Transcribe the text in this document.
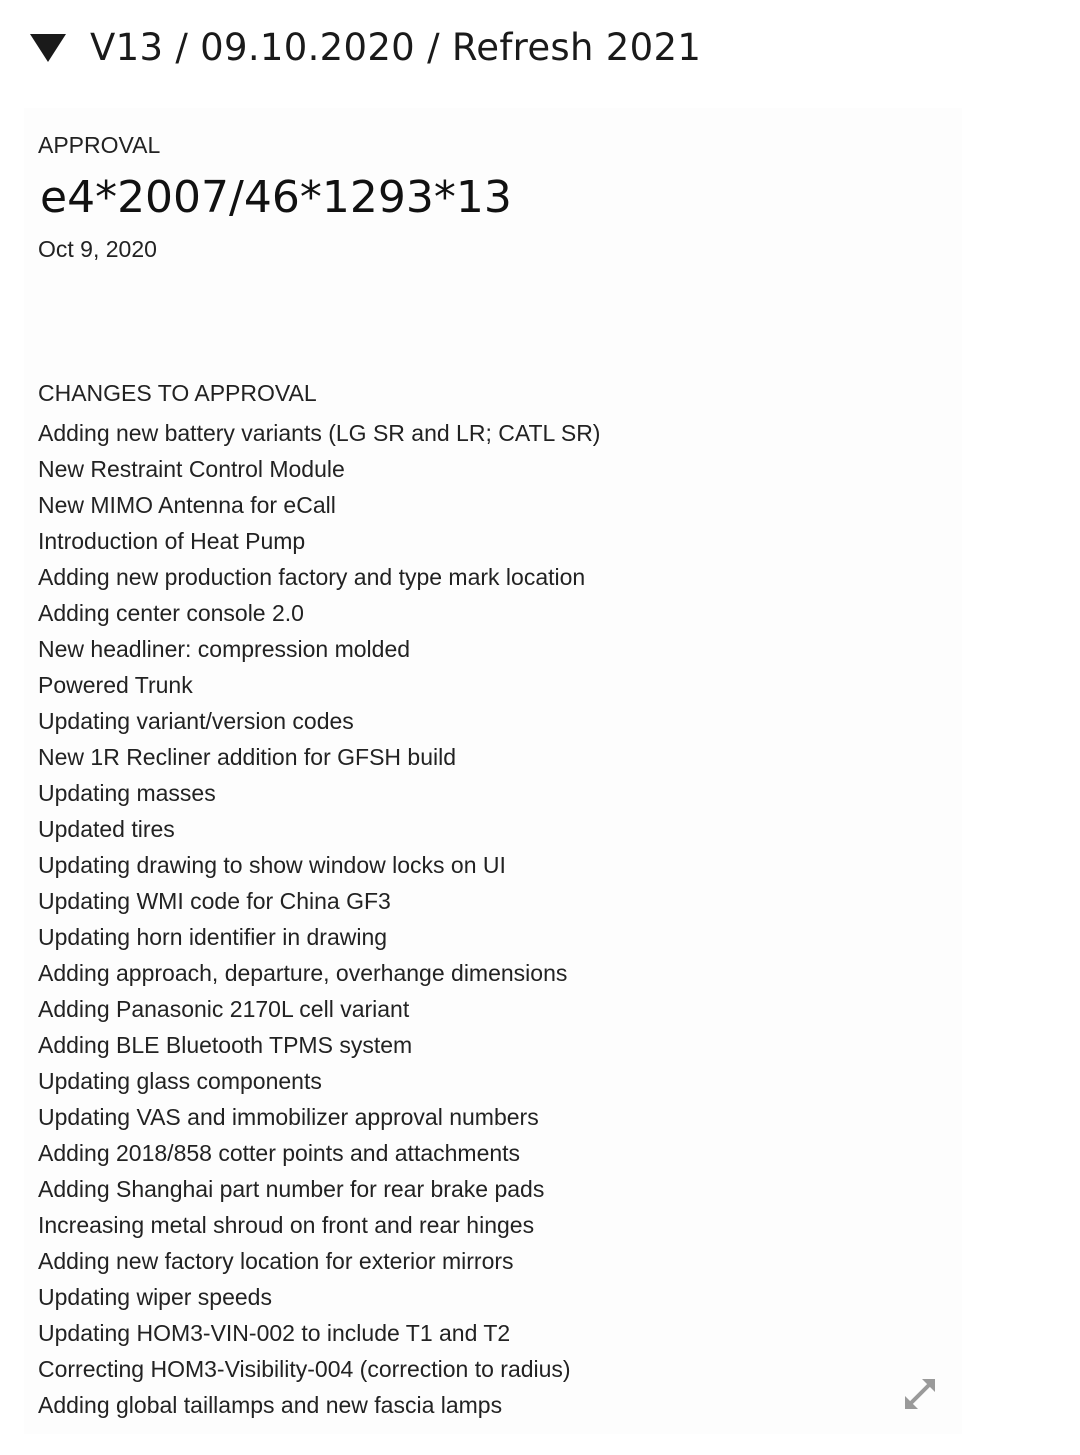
V13 / 09.10.2020 / Refresh 2021
APPROVAL
e4*2007/46*1293*13
Oct 9, 2020
CHANGES TO APPROVAL
Adding new battery variants (LG SR and LR; CATL SR)
New Restraint Control Module
New MIMO Antenna for eCall
Introduction of Heat Pump
Adding new production factory and type mark location
Adding center console 2.0
New headliner: compression molded
Powered Trunk
Updating variant/version codes
New 1R Recliner addition for GFSH build
Updating masses
Updated tires
Updating drawing to show window locks on UI
Updating WMI code for China GF3
Updating horn identifier in drawing
Adding approach, departure, overhange dimensions
Adding Panasonic 2170L cell variant
Adding BLE Bluetooth TPMS system
Updating glass components
Updating VAS and immobilizer approval numbers
Adding 2018/858 cotter points and attachments
Adding Shanghai part number for rear brake pads
Increasing metal shroud on front and rear hinges
Adding new factory location for exterior mirrors
Updating wiper speeds
Updating HOM3-VIN-002 to include T1 and T2
Correcting HOM3-Visibility-004 (correction to radius)
Adding global taillamps and new fascia lamps
